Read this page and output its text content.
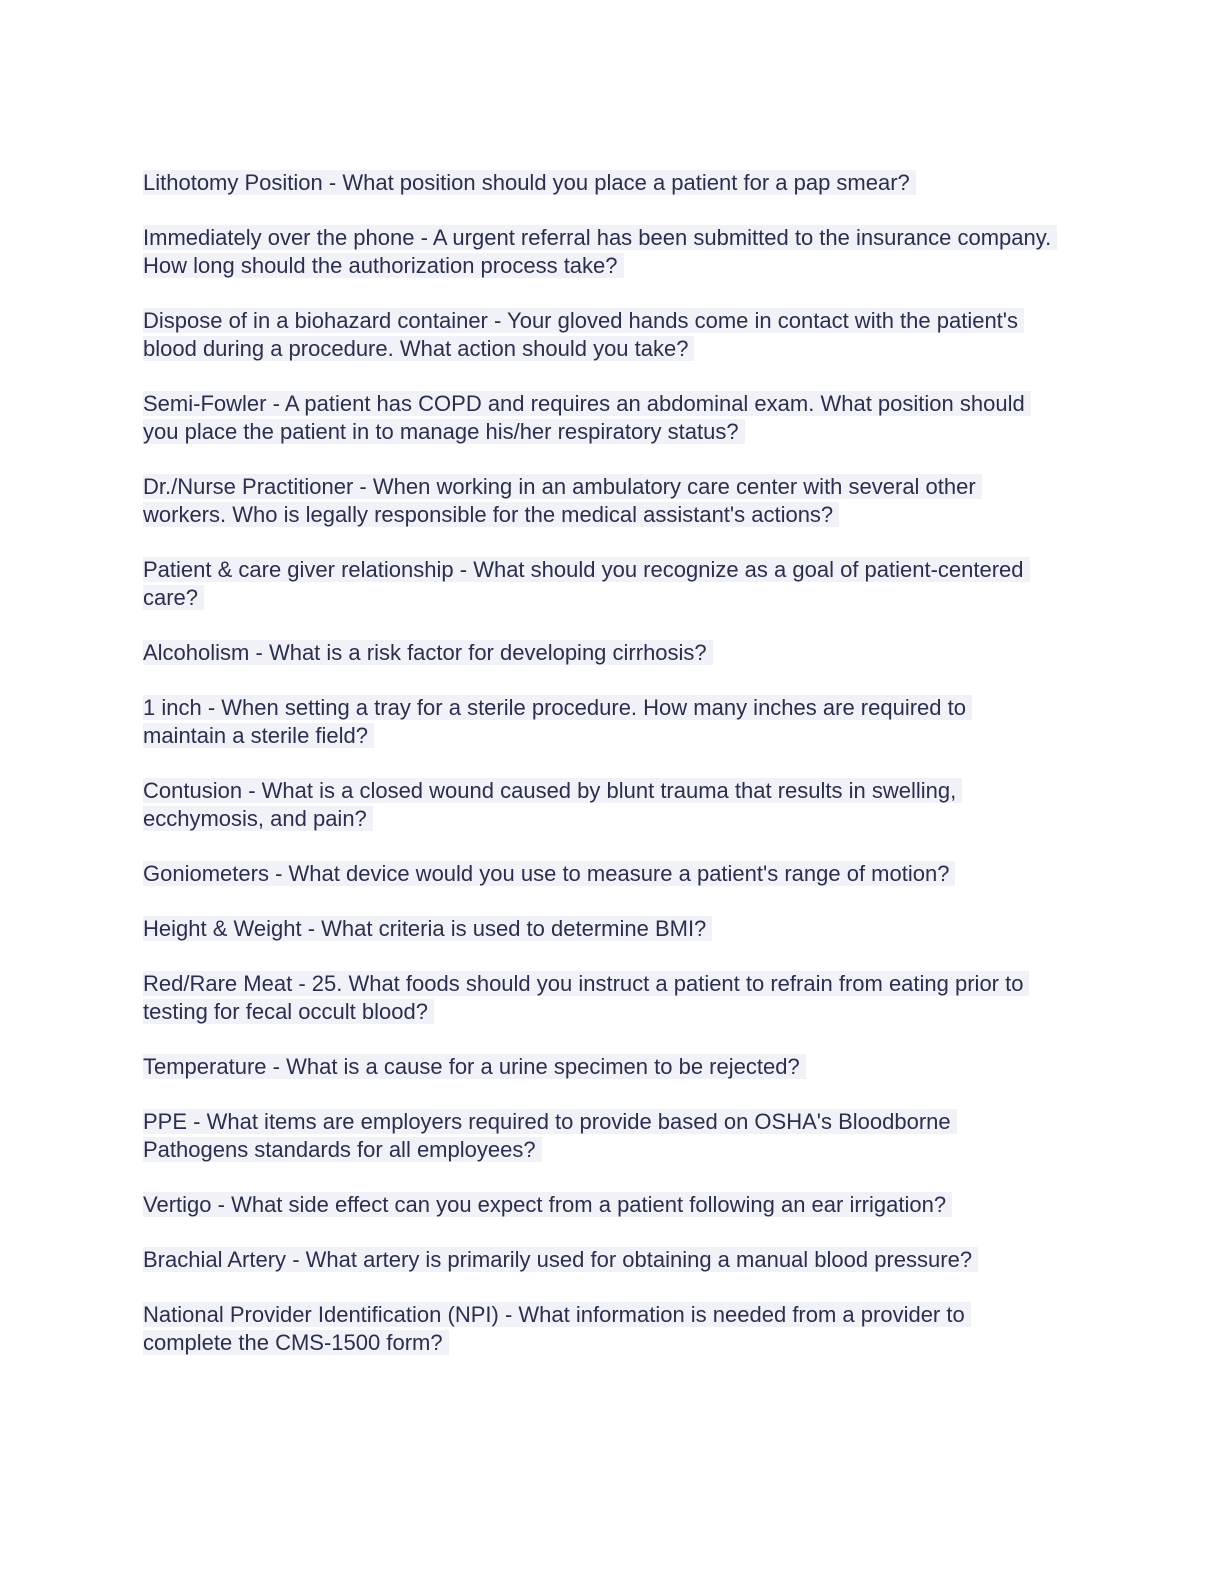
Lithotomy Position - What position should you place a patient for a pap smear?

Immediately over the phone - A urgent referral has been submitted to the insurance company. How long should the authorization process take?

Dispose of in a biohazard container - Your gloved hands come in contact with the patient's blood during a procedure. What action should you take?

Semi-Fowler - A patient has COPD and requires an abdominal exam. What position should you place the patient in to manage his/her respiratory status?

Dr./Nurse Practitioner - When working in an ambulatory care center with several other workers. Who is legally responsible for the medical assistant's actions?

Patient & care giver relationship - What should you recognize as a goal of patient-centered care?

Alcoholism - What is a risk factor for developing cirrhosis?

1 inch - When setting a tray for a sterile procedure. How many inches are required to maintain a sterile field?

Contusion - What is a closed wound caused by blunt trauma that results in swelling, ecchymosis, and pain?

Goniometers - What device would you use to measure a patient's range of motion?

Height & Weight - What criteria is used to determine BMI?

Red/Rare Meat - 25. What foods should you instruct a patient to refrain from eating prior to testing for fecal occult blood?

Temperature - What is a cause for a urine specimen to be rejected?

PPE - What items are employers required to provide based on OSHA's Bloodborne Pathogens standards for all employees?

Vertigo - What side effect can you expect from a patient following an ear irrigation?

Brachial Artery - What artery is primarily used for obtaining a manual blood pressure?

National Provider Identification (NPI) - What information is needed from a provider to complete the CMS-1500 form?
